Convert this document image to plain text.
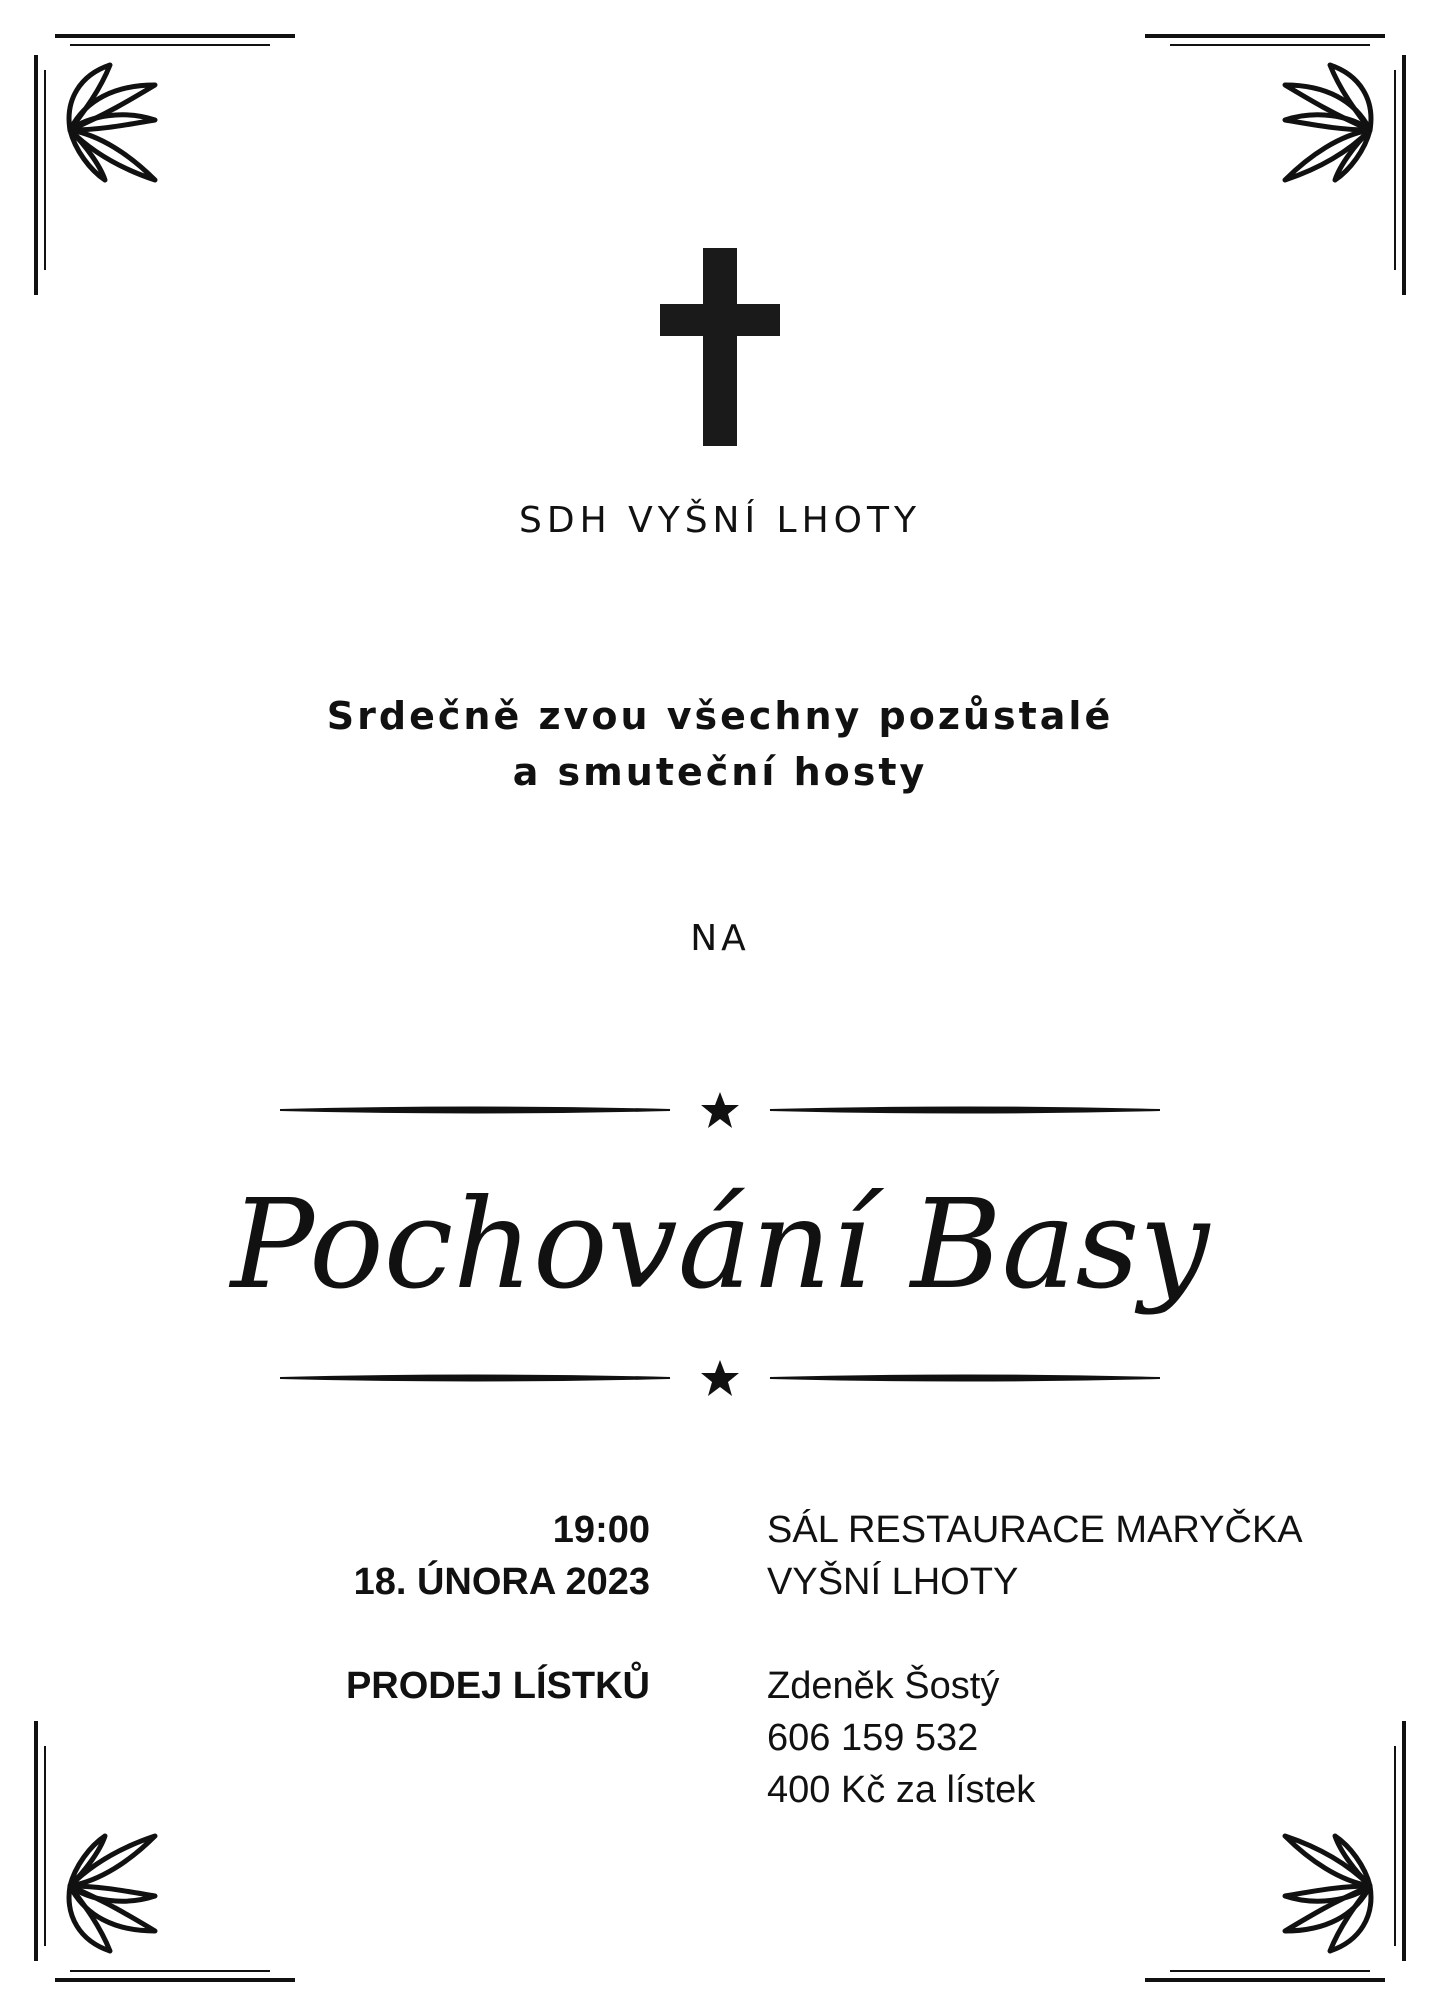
SDH VYŠNÍ LHOTY
Srdečně zvou všechny pozůstalé
a smuteční hosty
NA
Pochování Basy
19:00
18. ÚNORA 2023
SÁL RESTAURACE MARYČKA
VYŠNÍ LHOTY
PRODEJ LÍSTKŮ	Zdeněk Šostý
606 159 532
400 Kč za lístek
